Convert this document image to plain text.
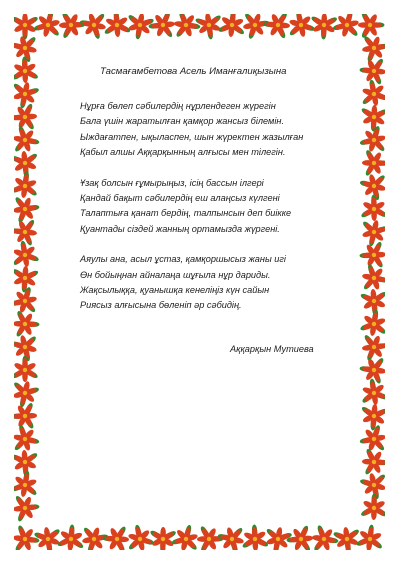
Тасмағамбетова Асель Иманғалиқызына
Нұрға бөлеп сәбилердің нұрлендеген жүрегін
Бала үшін жаратылған қамқор жансыз білемін.
Ыждағатпен, ықыласпен, шын жүректен жазылған
Қабыл алшы Аққарқынның алғысы мен тілегін.
Ұзақ болсын ғұмырыңыз, ісің бассын ілгері
Қандай бақыт сәбилердің еш алаңсыз күлгені
Талаптыға қанат бердің, талпынсын деп биікке
Қуантады сіздей жанның ортамызда жүргені.
Аяулы ана, асыл ұстаз, қамқоршысыз жаны игі
Өн бойыңнан айналаңа шұғыла нұр дариды.
Жақсылыққа, қуанышқа кенеліңіз күн сайын
Риясыз алғысына бөленіп әр сәбидің.
Аққарқын Мутиева
